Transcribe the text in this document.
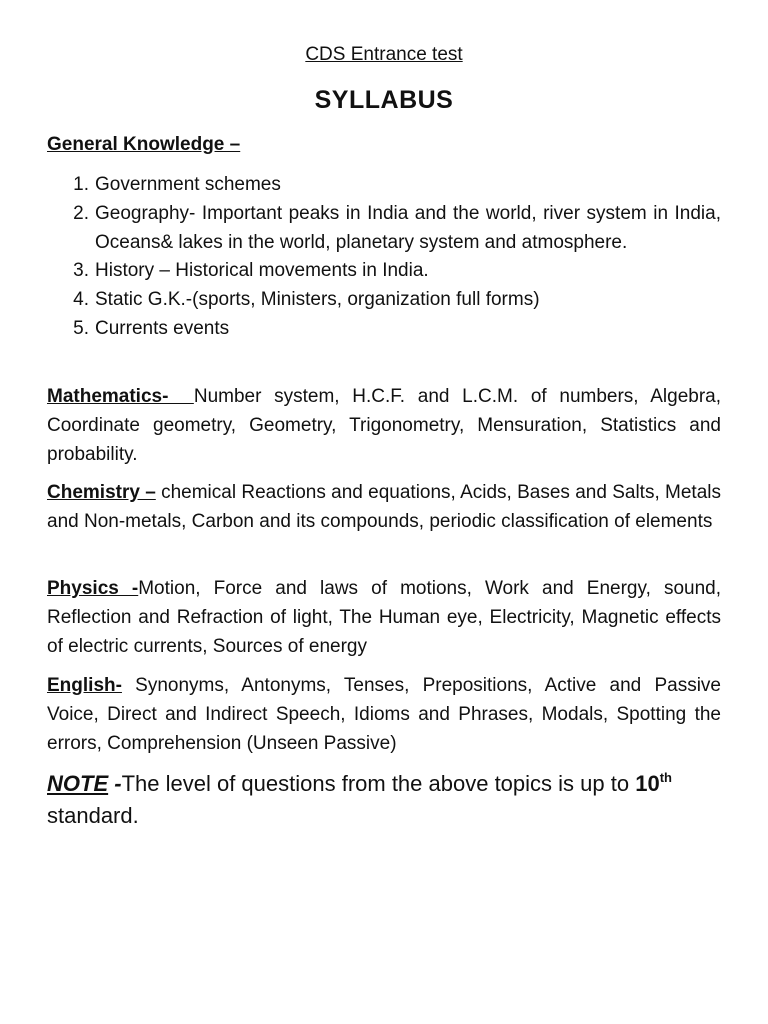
CDS Entrance test

SYLLABUS

General Knowledge –

1. Government schemes
2. Geography- Important peaks in India and the world, river system in India, Oceans& lakes in the world, planetary system and atmosphere.
3. History – Historical movements in India.
4. Static G.K.-(sports, Ministers, organization full forms)
5. Currents events

Mathematics-  Number system, H.C.F. and L.C.M. of numbers, Algebra, Coordinate geometry, Geometry, Trigonometry, Mensuration, Statistics and probability.

Chemistry – chemical Reactions and equations, Acids, Bases and Salts, Metals and Non-metals, Carbon and its compounds, periodic classification of elements

Physics -Motion, Force and laws of motions, Work and Energy, sound, Reflection and Refraction of light, The Human eye, Electricity, Magnetic effects of electric currents, Sources of energy

English- Synonyms, Antonyms, Tenses, Prepositions, Active and Passive Voice, Direct and Indirect Speech, Idioms and Phrases, Modals, Spotting the errors, Comprehension (Unseen Passive)

NOTE -The level of questions from the above topics is up to 10th standard.
